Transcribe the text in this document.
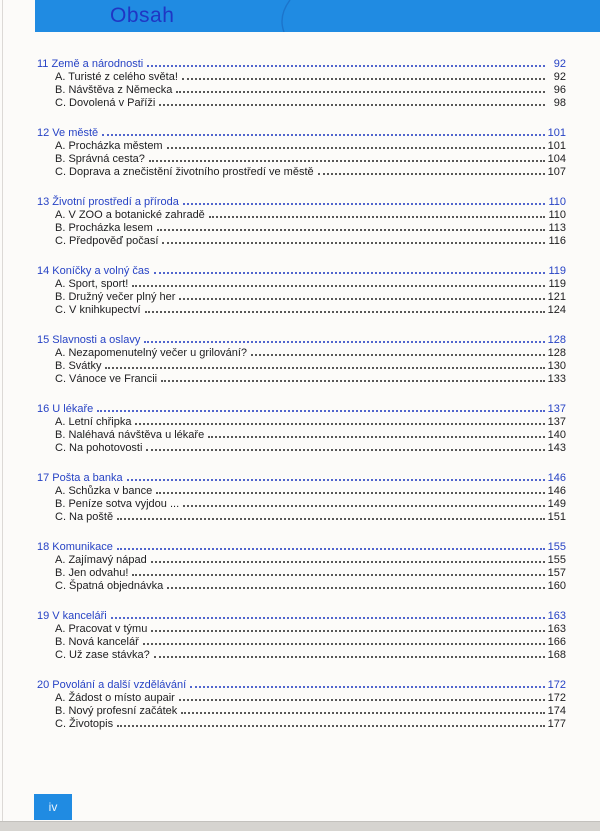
Obsah
11 Země a národnosti	92
A. Turisté z celého světa!	92
B. Návštěva z Německa	96
C. Dovolená v Paříži	98
12 Ve městě	101
A. Procházka městem	101
B. Správná cesta?	104
C. Doprava a znečistění životního prostředí ve městě	107
13 Životní prostředí a příroda	110
A. V ZOO a botanické zahradě	110
B. Procházka lesem	113
C. Předpověď počasí	116
14 Koníčky a volný čas	119
A. Sport, sport!	119
B. Družný večer plný her	121
C. V knihkupectví	124
15 Slavnosti a oslavy	128
A. Nezapomenutelný večer u grilování?	128
B. Svátky	130
C. Vánoce ve Francii	133
16 U lékaře	137
A. Letní chřipka	137
B. Naléhavá návštěva u lékaře	140
C. Na pohotovosti	143
17 Pošta a banka	146
A. Schůzka v bance	146
B. Peníze sotva vyjdou ...	149
C. Na poště	151
18 Komunikace	155
A. Zajímavý nápad	155
B. Jen odvahu!	157
C. Špatná objednávka	160
19 V kanceláři	163
A. Pracovat v týmu	163
B. Nová kancelář	166
C. Už zase stávka?	168
20 Povolání a další vzdělávání	172
A. Žádost o místo aupair	172
B. Nový profesní začátek	174
C. Životopis	177
iv
